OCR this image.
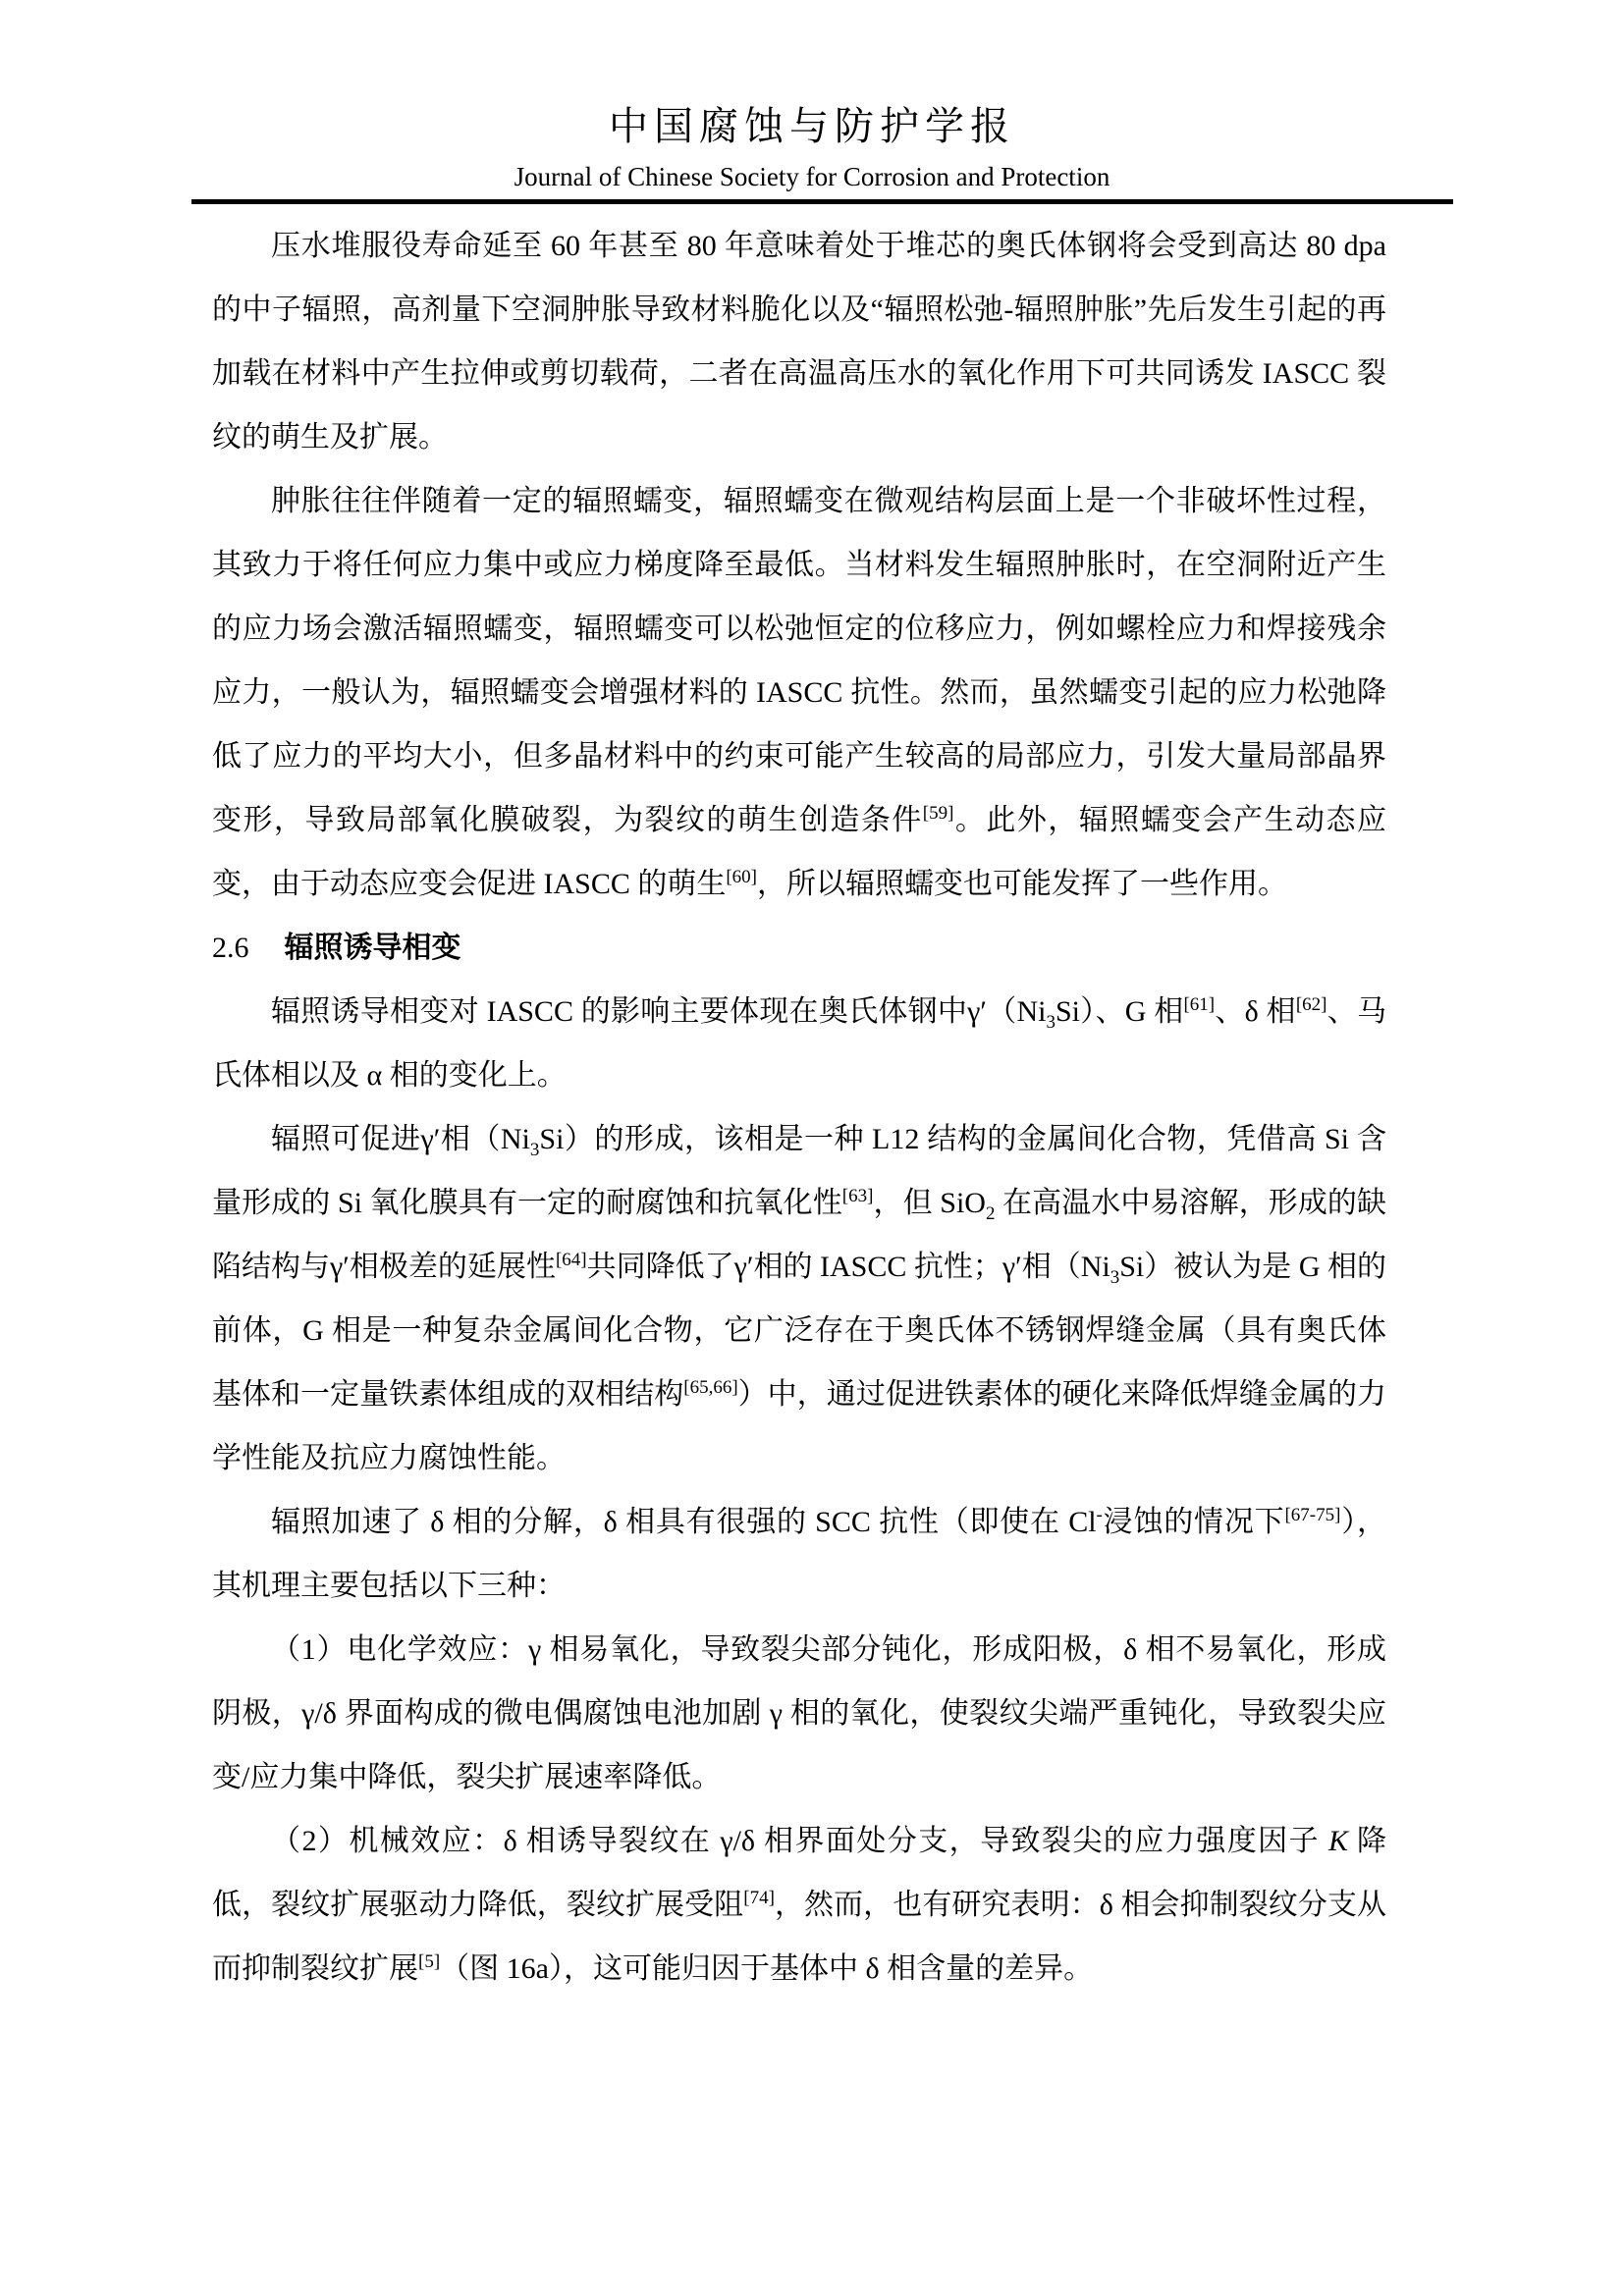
中国腐蚀与防护学报
Journal of Chinese Society for Corrosion and Protection

压水堆服役寿命延至 60 年甚至 80 年意味着处于堆芯的奥氏体钢将会受到高达 80 dpa 的中子辐照，高剂量下空洞肿胀导致材料脆化以及“辐照松弛-辐照肿胀”先后发生引起的再加载在材料中产生拉伸或剪切载荷，二者在高温高压水的氧化作用下可共同诱发 IASCC 裂纹的萌生及扩展。

肿胀往往伴随着一定的辐照蠕变，辐照蠕变在微观结构层面上是一个非破坏性过程，其致力于将任何应力集中或应力梯度降至最低。当材料发生辐照肿胀时，在空洞附近产生的应力场会激活辐照蠕变，辐照蠕变可以松弛恒定的位移应力，例如螺栓应力和焊接残余应力，一般认为，辐照蠕变会增强材料的 IASCC 抗性。然而，虽然蠕变引起的应力松弛降低了应力的平均大小，但多晶材料中的约束可能产生较高的局部应力，引发大量局部晶界变形，导致局部氧化膜破裂，为裂纹的萌生创造条件[59]。此外，辐照蠕变会产生动态应变，由于动态应变会促进 IASCC 的萌生[60]，所以辐照蠕变也可能发挥了一些作用。

2.6 辐照诱导相变

辐照诱导相变对 IASCC 的影响主要体现在奥氏体钢中$\gamma'(Ni_3Si)$、G 相[61]、δ 相[62]、马氏体相以及 α 相的变化上。

辐照可促进γ′相$(Ni_3Si)$的形成，该相是一种 L12 结构的金属间化合物，凭借高 Si 含量形成的 Si 氧化膜具有一定的耐腐蚀和抗氧化性[63]，但 SiO$_2$ 在高温水中易溶解，形成的缺陷结构与γ′相极差的延展性[64]共同降低了γ′相的 IASCC 抗性；γ′相$(Ni_3Si)$被认为是 G 相的前体，G 相是一种复杂金属间化合物，它广泛存在于奥氏体不锈钢焊缝金属（具有奥氏体基体和一定量铁素体组成的双相结构[65,66]）中，通过促进铁素体的硬化来降低焊缝金属的力学性能及抗应力腐蚀性能。

辐照加速了 δ 相的分解，δ 相具有很强的 SCC 抗性（即使在 Cl-浸蚀的情况下[67-75]），其机理主要包括以下三种：

（1）电化学效应：γ 相易氧化，导致裂尖部分钝化，形成阳极，δ 相不易氧化，形成阴极，γ/δ 界面构成的微电偶腐蚀电池加剧 γ 相的氧化，使裂纹尖端严重钝化，导致裂尖应变/应力集中降低，裂尖扩展速率降低。

（2）机械效应：δ 相诱导裂纹在 γ/δ 相界面处分支，导致裂尖的应力强度因子 K 降低，裂纹扩展驱动力降低，裂纹扩展受阻[74]，然而，也有研究表明：δ 相会抑制裂纹分支从而抑制裂纹扩展[5]（图 16a），这可能归因于基体中 δ 相含量的差异。
